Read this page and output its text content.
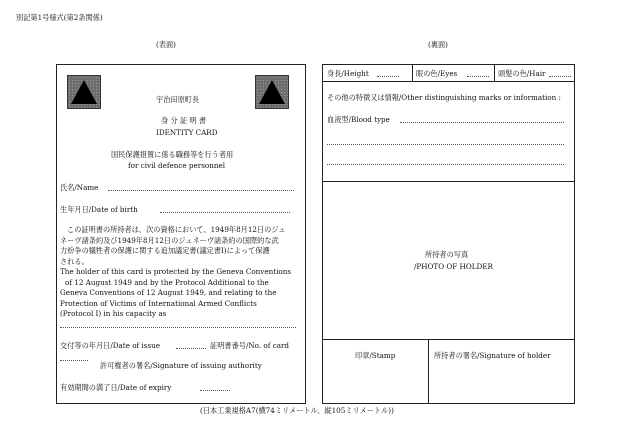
別記第1号様式(第2条関係)
(表面)	(裏面)
宇治田原町長
身 分 証 明 書
IDENTITY CARD
国民保護措置に係る職務等を行う者用
for civil defence personnel
氏名/Name
生年月日/Date of birth
この証明書の所持者は、次の資格において、1949年8月12日のジュ
ネーヴ諸条約及び1949年8月12日のジュネーヴ諸条約の国際的な武
力紛争の犠牲者の保護に関する追加議定書(議定書Ⅰ)によって保護
される。
The holder of this card is protected by the Geneva Conventions
of 12 August 1949 and by the Protocol Additional to the
Geneva Conventions of 12 August 1949, and relating to the
Protection of Victims of International Armed Conflicts
(Protocol Ⅰ) in his capacity as
交付等の年月日/Date of issue	証明書番号/No. of card
許可権者の署名/Signature of issuing authority
有効期間の満了日/Date of expiry
身長/Height	眼の色/Eyes	頭髪の色/Hair
その他の特徴又は情報/Other distinguishing marks or information :
血液型/Blood type
所持者の写真
/PHOTO OF HOLDER
印章/Stamp	所持者の署名/Signature of holder
(日本工業規格A7(横74ミリメートル、縦105ミリメートル))
